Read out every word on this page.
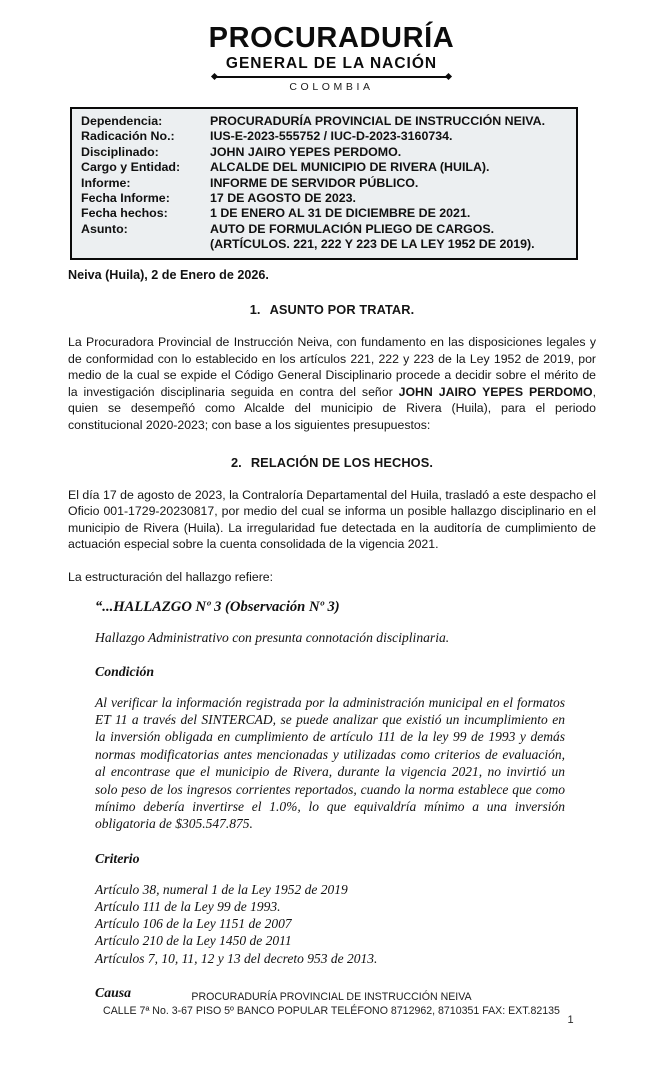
PROCURADURÍA
GENERAL DE LA NACIÓN
COLOMBIA
Dependencia:	PROCURADURÍA PROVINCIAL DE INSTRUCCIÓN NEIVA.
Radicación No.:	IUS-E-2023-555752 / IUC-D-2023-3160734.
Disciplinado:	JOHN JAIRO YEPES PERDOMO.
Cargo y Entidad:	ALCALDE DEL MUNICIPIO DE RIVERA (HUILA).
Informe:	INFORME DE SERVIDOR PÚBLICO.
Fecha Informe:	17 DE AGOSTO DE 2023.
Fecha hechos:	1 DE ENERO AL 31 DE DICIEMBRE DE 2021.
Asunto:	AUTO DE FORMULACIÓN PLIEGO DE CARGOS.
(ARTÍCULOS. 221, 222 Y 223 DE LA LEY 1952 DE 2019).
Neiva (Huila), 2 de Enero de 2026.
1. ASUNTO POR TRATAR.

La Procuradora Provincial de Instrucción Neiva, con fundamento en las disposiciones legales y de conformidad con lo establecido en los artículos 221, 222 y 223 de la Ley 1952 de 2019, por medio de la cual se expide el Código General Disciplinario procede a decidir sobre el mérito de la investigación disciplinaria seguida en contra del señor JOHN JAIRO YEPES PERDOMO, quien se desempeñó como Alcalde del municipio de Rivera (Huila), para el periodo constitucional 2020-2023; con base a los siguientes presupuestos:

2. RELACIÓN DE LOS HECHOS.

El día 17 de agosto de 2023, la Contraloría Departamental del Huila, trasladó a este despacho el Oficio 001-1729-20230817, por medio del cual se informa un posible hallazgo disciplinario en el municipio de Rivera (Huila). La irregularidad fue detectada en la auditoría de cumplimiento de actuación especial sobre la cuenta consolidada de la vigencia 2021.

La estructuración del hallazgo refiere:

“...HALLAZGO Nº 3 (Observación Nº 3)
Hallazgo Administrativo con presunta connotación disciplinaria.
Condición
Al verificar la información registrada por la administración municipal en el formatos ET 11 a través del SINTERCAD, se puede analizar que existió un incumplimiento en la inversión obligada en cumplimiento de artículo 111 de la ley 99 de 1993 y demás normas modificatorias antes mencionadas y utilizadas como criterios de evaluación, al encontrase que el municipio de Rivera, durante la vigencia 2021, no invirtió un solo peso de los ingresos corrientes reportados, cuando la norma establece que como mínimo debería invertirse el 1.0%, lo que equivaldría mínimo a una inversión obligatoria de $305.547.875.
Criterio
Artículo 38, numeral 1 de la Ley 1952 de 2019
Artículo 111 de la Ley 99 de 1993.
Artículo 106 de la Ley 1151 de 2007
Artículo 210 de la Ley 1450 de 2011
Artículos 7, 10, 11, 12 y 13 del decreto 953 de 2013.
Causa	PROCURADURÍA PROVINCIAL DE INSTRUCCIÓN NEIVA
CALLE 7ª No. 3-67 PISO 5º BANCO POPULAR TELÉFONO 8712962, 8710351 FAX: EXT.82135
1
